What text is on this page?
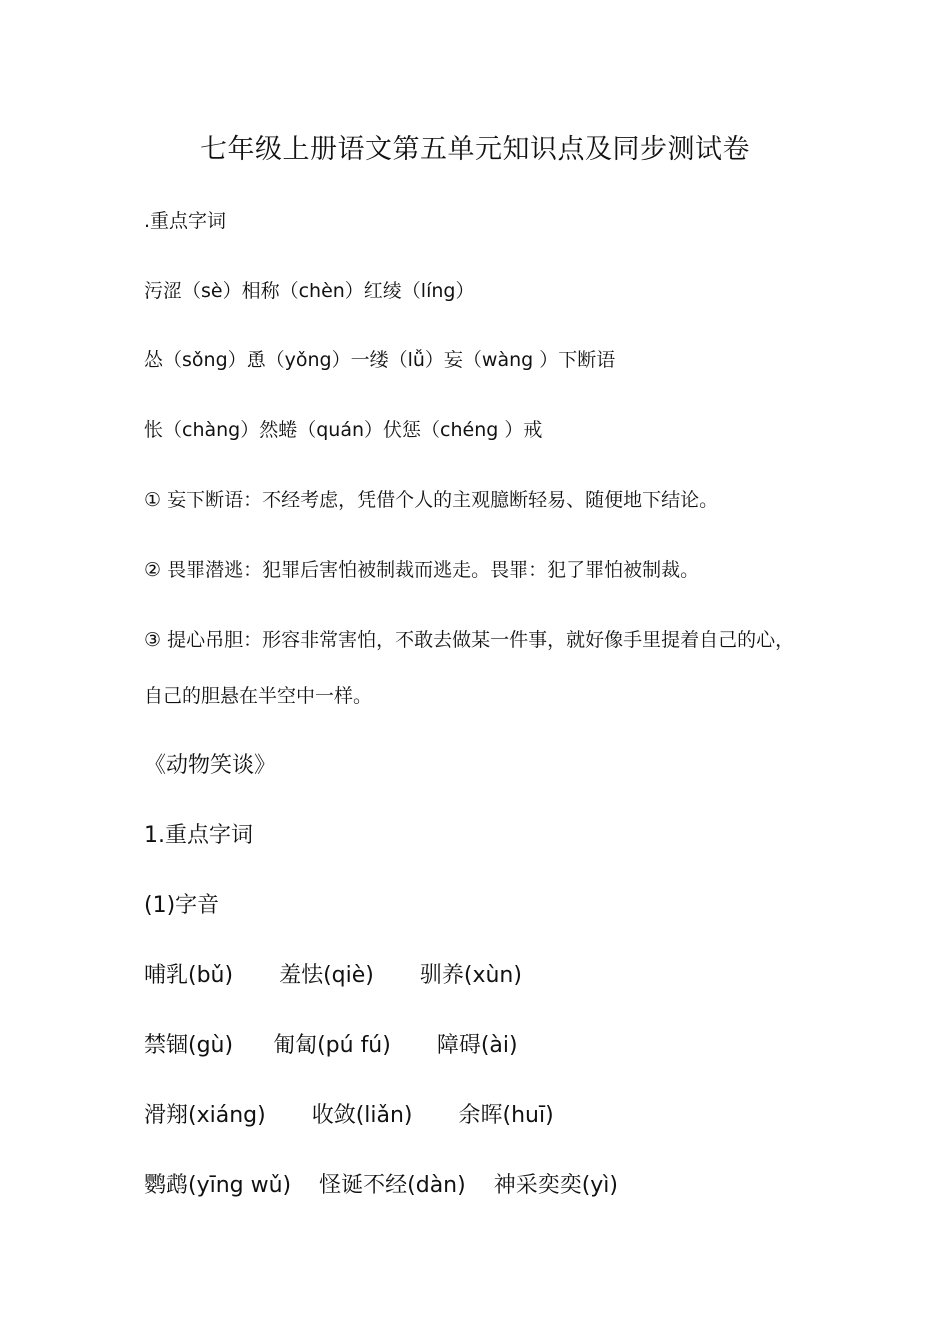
七年级上册语文第五单元知识点及同步测试卷
.重点字词
污涩（sè）相称（chèn）红绫（líng）
怂（sǒng）恿（yǒng）一缕（lǚ）妄（wàng ）下断语
怅（chàng）然蜷（quán）伏惩（chéng ）戒
① 妄下断语：不经考虑，凭借个人的主观臆断轻易、随便地下结论。
② 畏罪潜逃：犯罪后害怕被制裁而逃走。畏罪：犯了罪怕被制裁。
③ 提心吊胆：形容非常害怕，不敢去做某一件事，就好像手里提着自己的心，
自己的胆悬在半空中一样。
《动物笑谈》
1.重点字词
(1)字音
哺乳(bǔ) 羞怯(qiè) 驯养(xùn)
禁锢(gù) 匍匐(pú fú) 障碍(ài)
滑翔(xiáng) 收敛(liǎn) 余晖(huī)
鹦鹉(yīng wǔ) 怪诞不经(dàn) 神采奕奕(yì)
